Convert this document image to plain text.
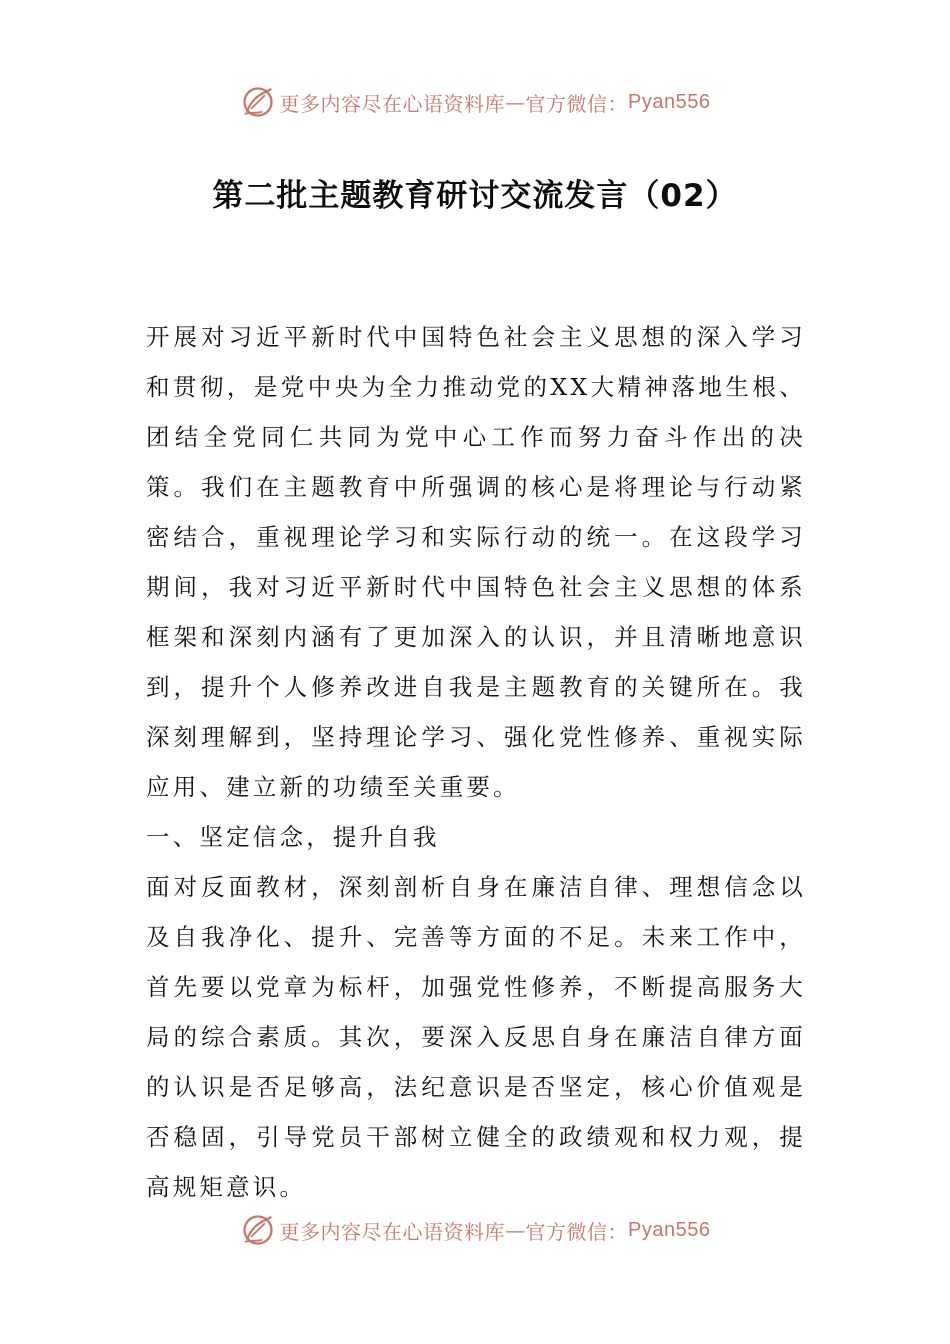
更多内容尽在心语资料库 — 官方微信： Pyan556
第二批主题教育研讨交流发言（02）

开展对习近平新时代中国特色社会主义思想的深入学习和贯彻，是党中央为全力推动党的XX大精神落地生根、团结全党同仁共同为党中心工作而努力奋斗作出的决策。我们在主题教育中所强调的核心是将理论与行动紧密结合，重视理论学习和实际行动的统一。在这段学习期间，我对习近平新时代中国特色社会主义思想的体系框架和深刻内涵有了更加深入的认识，并且清晰地意识到，提升个人修养改进自我是主题教育的关键所在。我深刻理解到，坚持理论学习、强化党性修养、重视实际应用、建立新的功绩至关重要。

一、坚定信念，提升自我

面对反面教材，深刻剖析自身在廉洁自律、理想信念以及自我净化、提升、完善等方面的不足。未来工作中，首先要以党章为标杆，加强党性修养，不断提高服务大局的综合素质。其次，要深入反思自身在廉洁自律方面的认识是否足够高，法纪意识是否坚定，核心价值观是否稳固，引导党员干部树立健全的政绩观和权力观，提高规矩意识。

更多内容尽在心语资料库 — 官方微信： Pyan556
